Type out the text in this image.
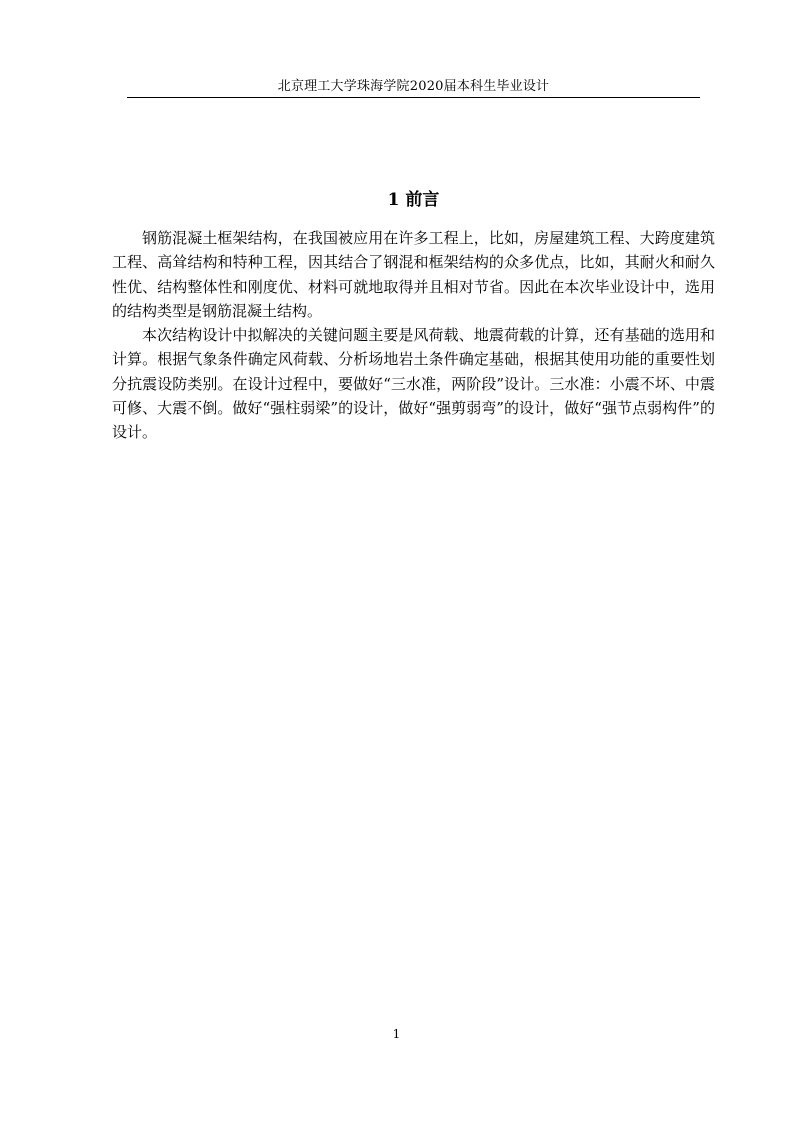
北京理工大学珠海学院2020届本科生毕业设计
1 前言

钢筋混凝土框架结构，在我国被应用在许多工程上，比如，房屋建筑工程、大跨度建筑工程、高耸结构和特种工程，因其结合了钢混和框架结构的众多优点，比如，其耐火和耐久性优、结构整体性和刚度优、材料可就地取得并且相对节省。因此在本次毕业设计中，选用的结构类型是钢筋混凝土结构。

本次结构设计中拟解决的关键问题主要是风荷载、地震荷载的计算，还有基础的选用和计算。根据气象条件确定风荷载、分析场地岩土条件确定基础，根据其使用功能的重要性划分抗震设防类别。在设计过程中，要做好“三水准，两阶段”设计。三水准：小震不坏、中震可修、大震不倒。做好“强柱弱梁”的设计，做好“强剪弱弯”的设计，做好“强节点弱构件”的设计。

1
